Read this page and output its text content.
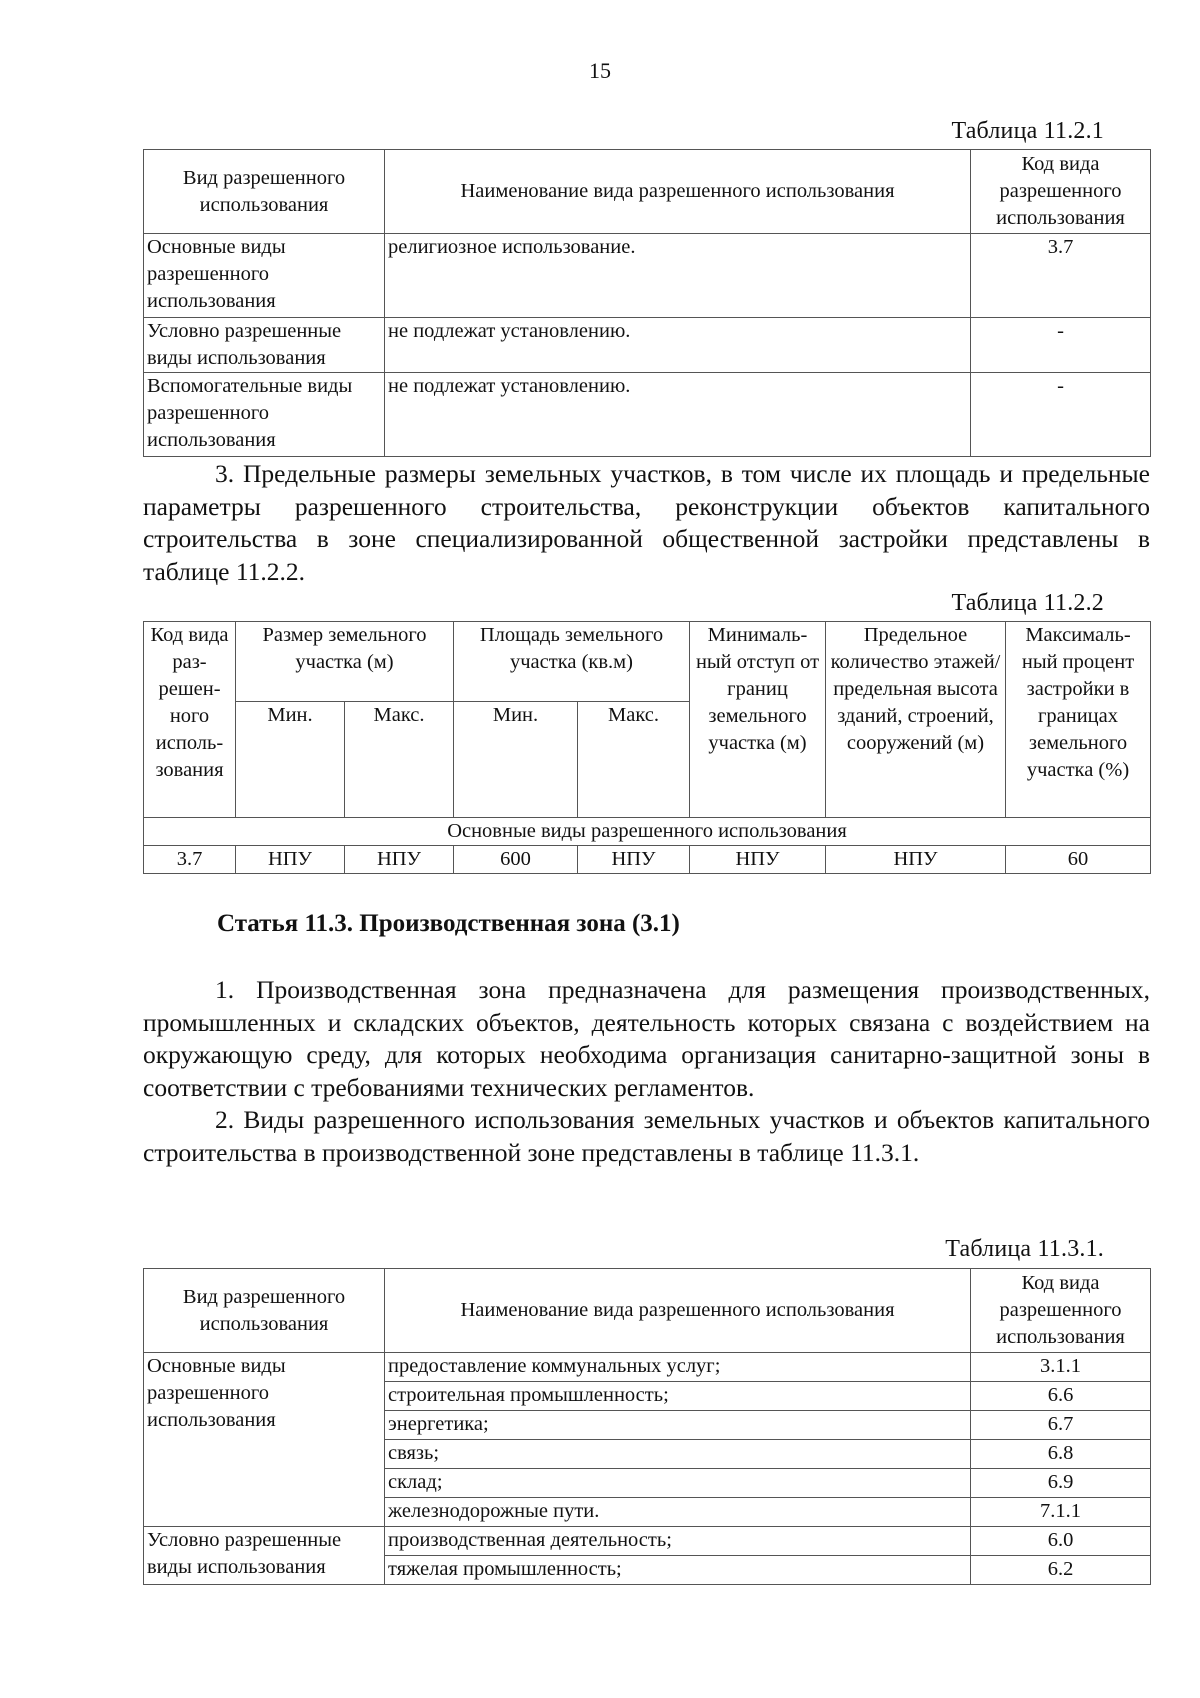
15
Таблица 11.2.1
Вид разрешенного использования	Наименование вида разрешенного использования	Код вида разрешенного использования
Основные виды разрешенного использования	религиозное использование.	3.7
Условно разрешенные виды использования	не подлежат установлению.	-
Вспомогательные виды разрешенного использования	не подлежат установлению.	-

3. Предельные размеры земельных участков, в том числе их площадь и предельные параметры разрешенного строительства, реконструкции объектов капитального строительства в зоне специализированной общественной застройки представлены в таблице 11.2.2.

Таблица 11.2.2
Код вида раз-решен-ного исполь-зования	Размер земельного участка (м)		Площадь земельного участка (кв.м)		Минималь-ный отступ от границ земельного участка (м)	Предельное количество этажей/ предельная высота зданий, строений, сооружений (м)	Максималь-ный процент застройки в границах земельного участка (%)
	Мин.	Макс.	Мин.	Макс.			
Основные виды разрешенного использования							
3.7	НПУ	НПУ	600	НПУ	НПУ	НПУ	60
Статья 11.3. Производственная зона (3.1)

1. Производственная зона предназначена для размещения производственных, промышленных и складских объектов, деятельность которых связана с воздействием на окружающую среду, для которых необходима организация санитарно-защитной зоны в соответствии с требованиями технических регламентов.

2. Виды разрешенного использования земельных участков и объектов капитального строительства в производственной зоне представлены в таблице 11.3.1.

Таблица 11.3.1.
Вид разрешенного использования	Наименование вида разрешенного использования	Код вида разрешенного использования
Основные виды разрешенного использования	предоставление коммунальных услуг;	3.1.1
	строительная промышленность;	6.6
	энергетика;	6.7
	связь;	6.8
	склад;	6.9
	железнодорожные пути.	7.1.1
Условно разрешенные виды использования	производственная деятельность;	6.0
	тяжелая промышленность;	6.2
